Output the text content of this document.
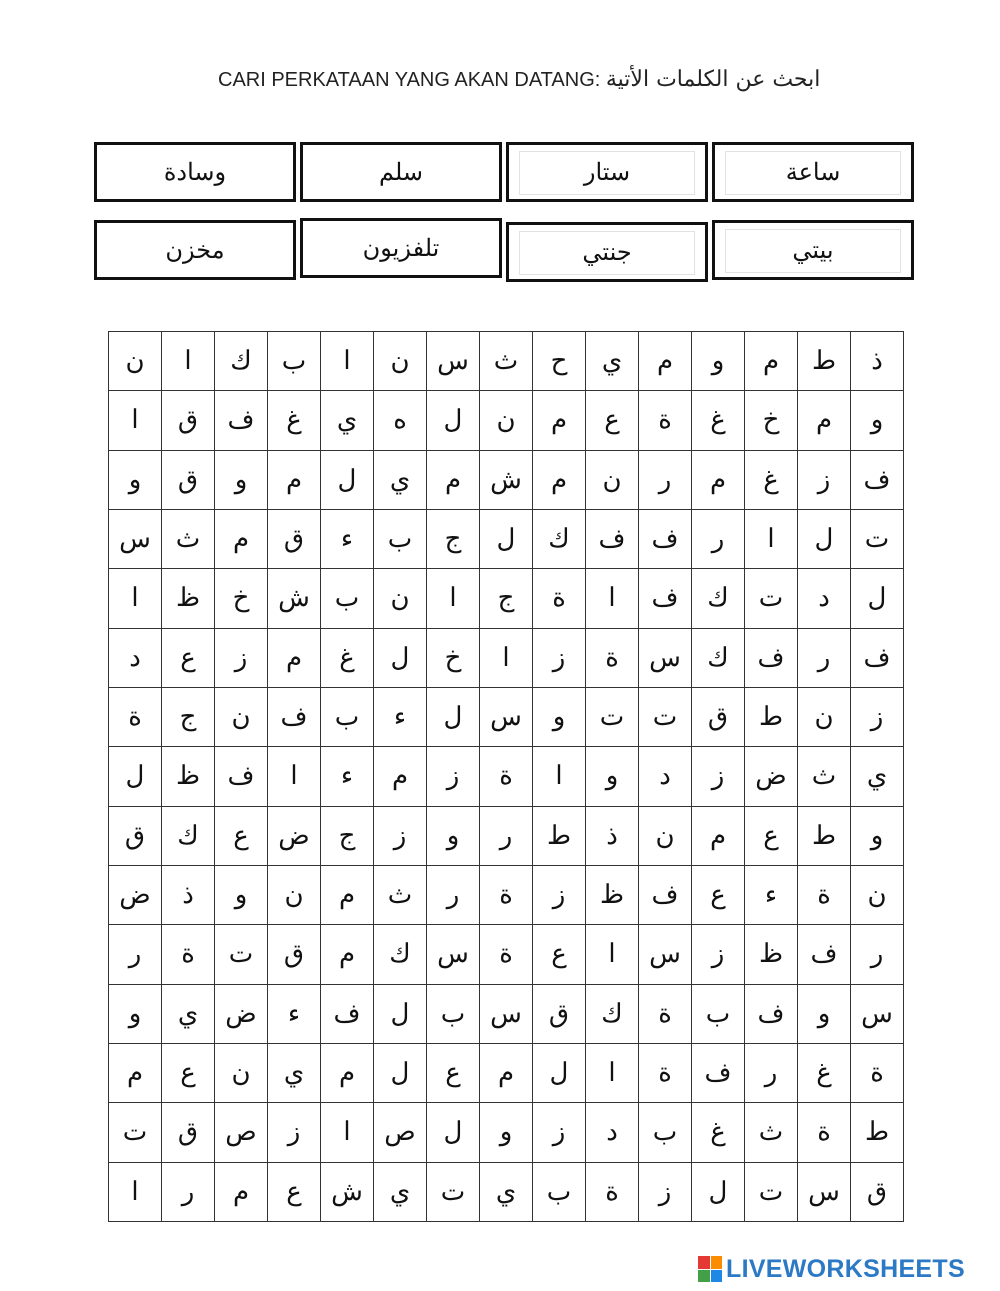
CARI PERKATAAN YANG AKAN DATANG: ابحث عن الكلمات الأتية
وسادة	سلم	ستار	ساعة
مخزن	تلفزيون	جنتي	بيتي
ن	ا	ك	ب	ا	ن	س	ث	ح	ي	م	و	م	ط	ذ
ا	ق	ف	غ	ي	ه	ل	ن	م	ع	ة	غ	خ	م	و
و	ق	و	م	ل	ي	م	ش	م	ن	ر	م	غ	ز	ف
س	ث	م	ق	ء	ب	ج	ل	ك	ف	ف	ر	ا	ل	ت
ا	ظ	خ	ش	ب	ن	ا	ج	ة	ا	ف	ك	ت	د	ل
د	ع	ز	م	غ	ل	خ	ا	ز	ة	س	ك	ف	ر	ف
ة	ج	ن	ف	ب	ء	ل	س	و	ت	ت	ق	ط	ن	ز
ل	ظ	ف	ا	ء	م	ز	ة	ا	و	د	ز	ض	ث	ي
ق	ك	ع	ض	ج	ز	و	ر	ط	ذ	ن	م	ع	ط	و
ض	ذ	و	ن	م	ث	ر	ة	ز	ظ	ف	ع	ء	ة	ن
ر	ة	ت	ق	م	ك	س	ة	ع	ا	س	ز	ظ	ف	ر
و	ي	ض	ء	ف	ل	ب	س	ق	ك	ة	ب	ف	و	س
م	ع	ن	ي	م	ل	ع	م	ل	ا	ة	ف	ر	غ	ة
ت	ق	ص	ز	ا	ص	ل	و	ز	د	ب	غ	ث	ة	ط
ا	ر	م	ع	ش	ي	ت	ي	ب	ة	ز	ل	ت	س	ق
LIVEWORKSHEETS
